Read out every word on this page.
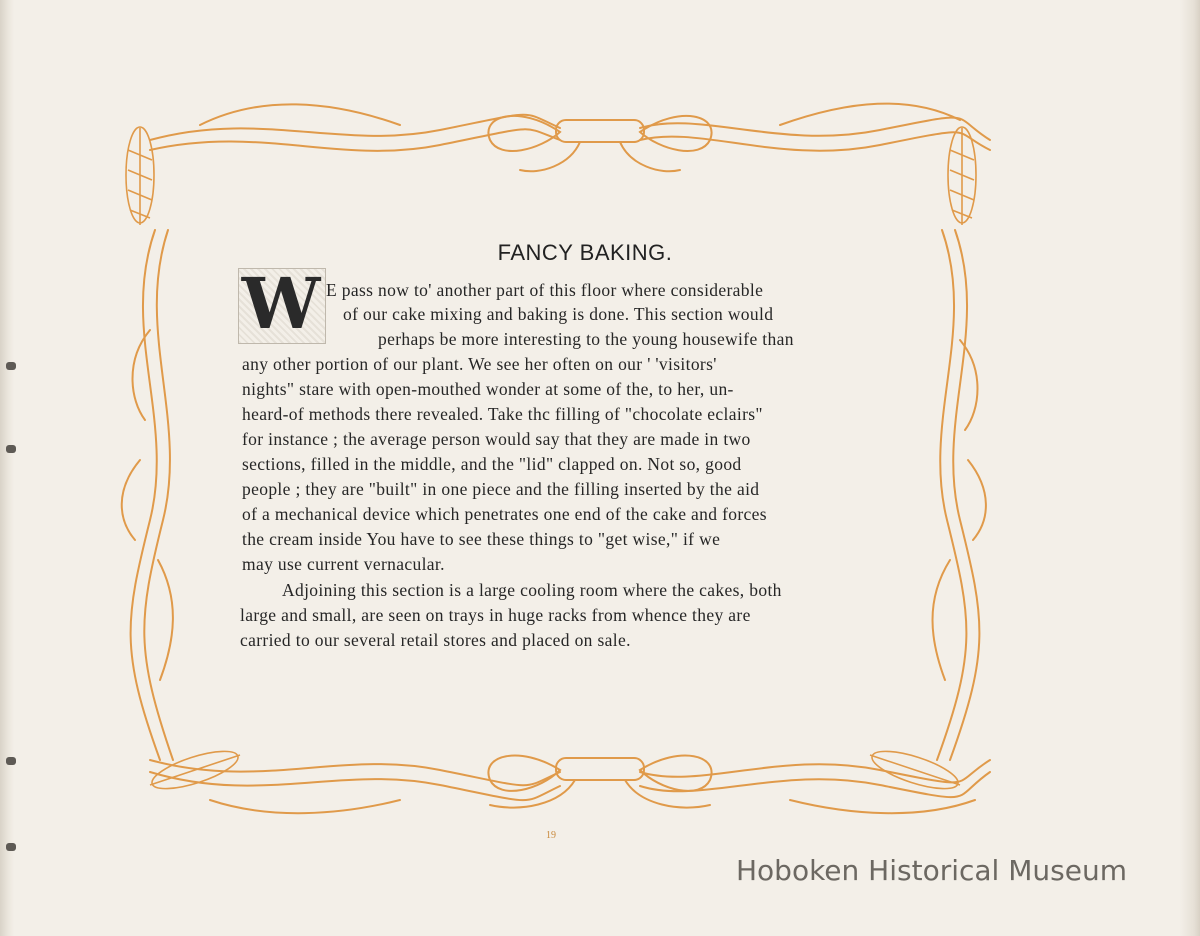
FANCY BAKING.
W E pass now to' another part of this floor where considerable
of our cake mixing and baking is done. This section would
perhaps be more interesting to the young housewife than
any other portion of our plant. We see her often on our ' 'visitors'
nights" stare with open-mouthed wonder at some of the, to her, un-
heard-of methods there revealed. Take thc filling of "chocolate eclairs"
for instance ; the average person would say that they are made in two
sections, filled in the middle, and the "lid" clapped on. Not so, good
people ; they are "built" in one piece and the filling inserted by the aid
of a mechanical device which penetrates one end of the cake and forces
the cream inside You have to see these things to "get wise," if we
may use current vernacular.
Adjoining this section is a large cooling room where the cakes, both
large and small, are seen on trays in huge racks from whence they are
carried to our several retail stores and placed on sale.
19
Hoboken Historical Museum
